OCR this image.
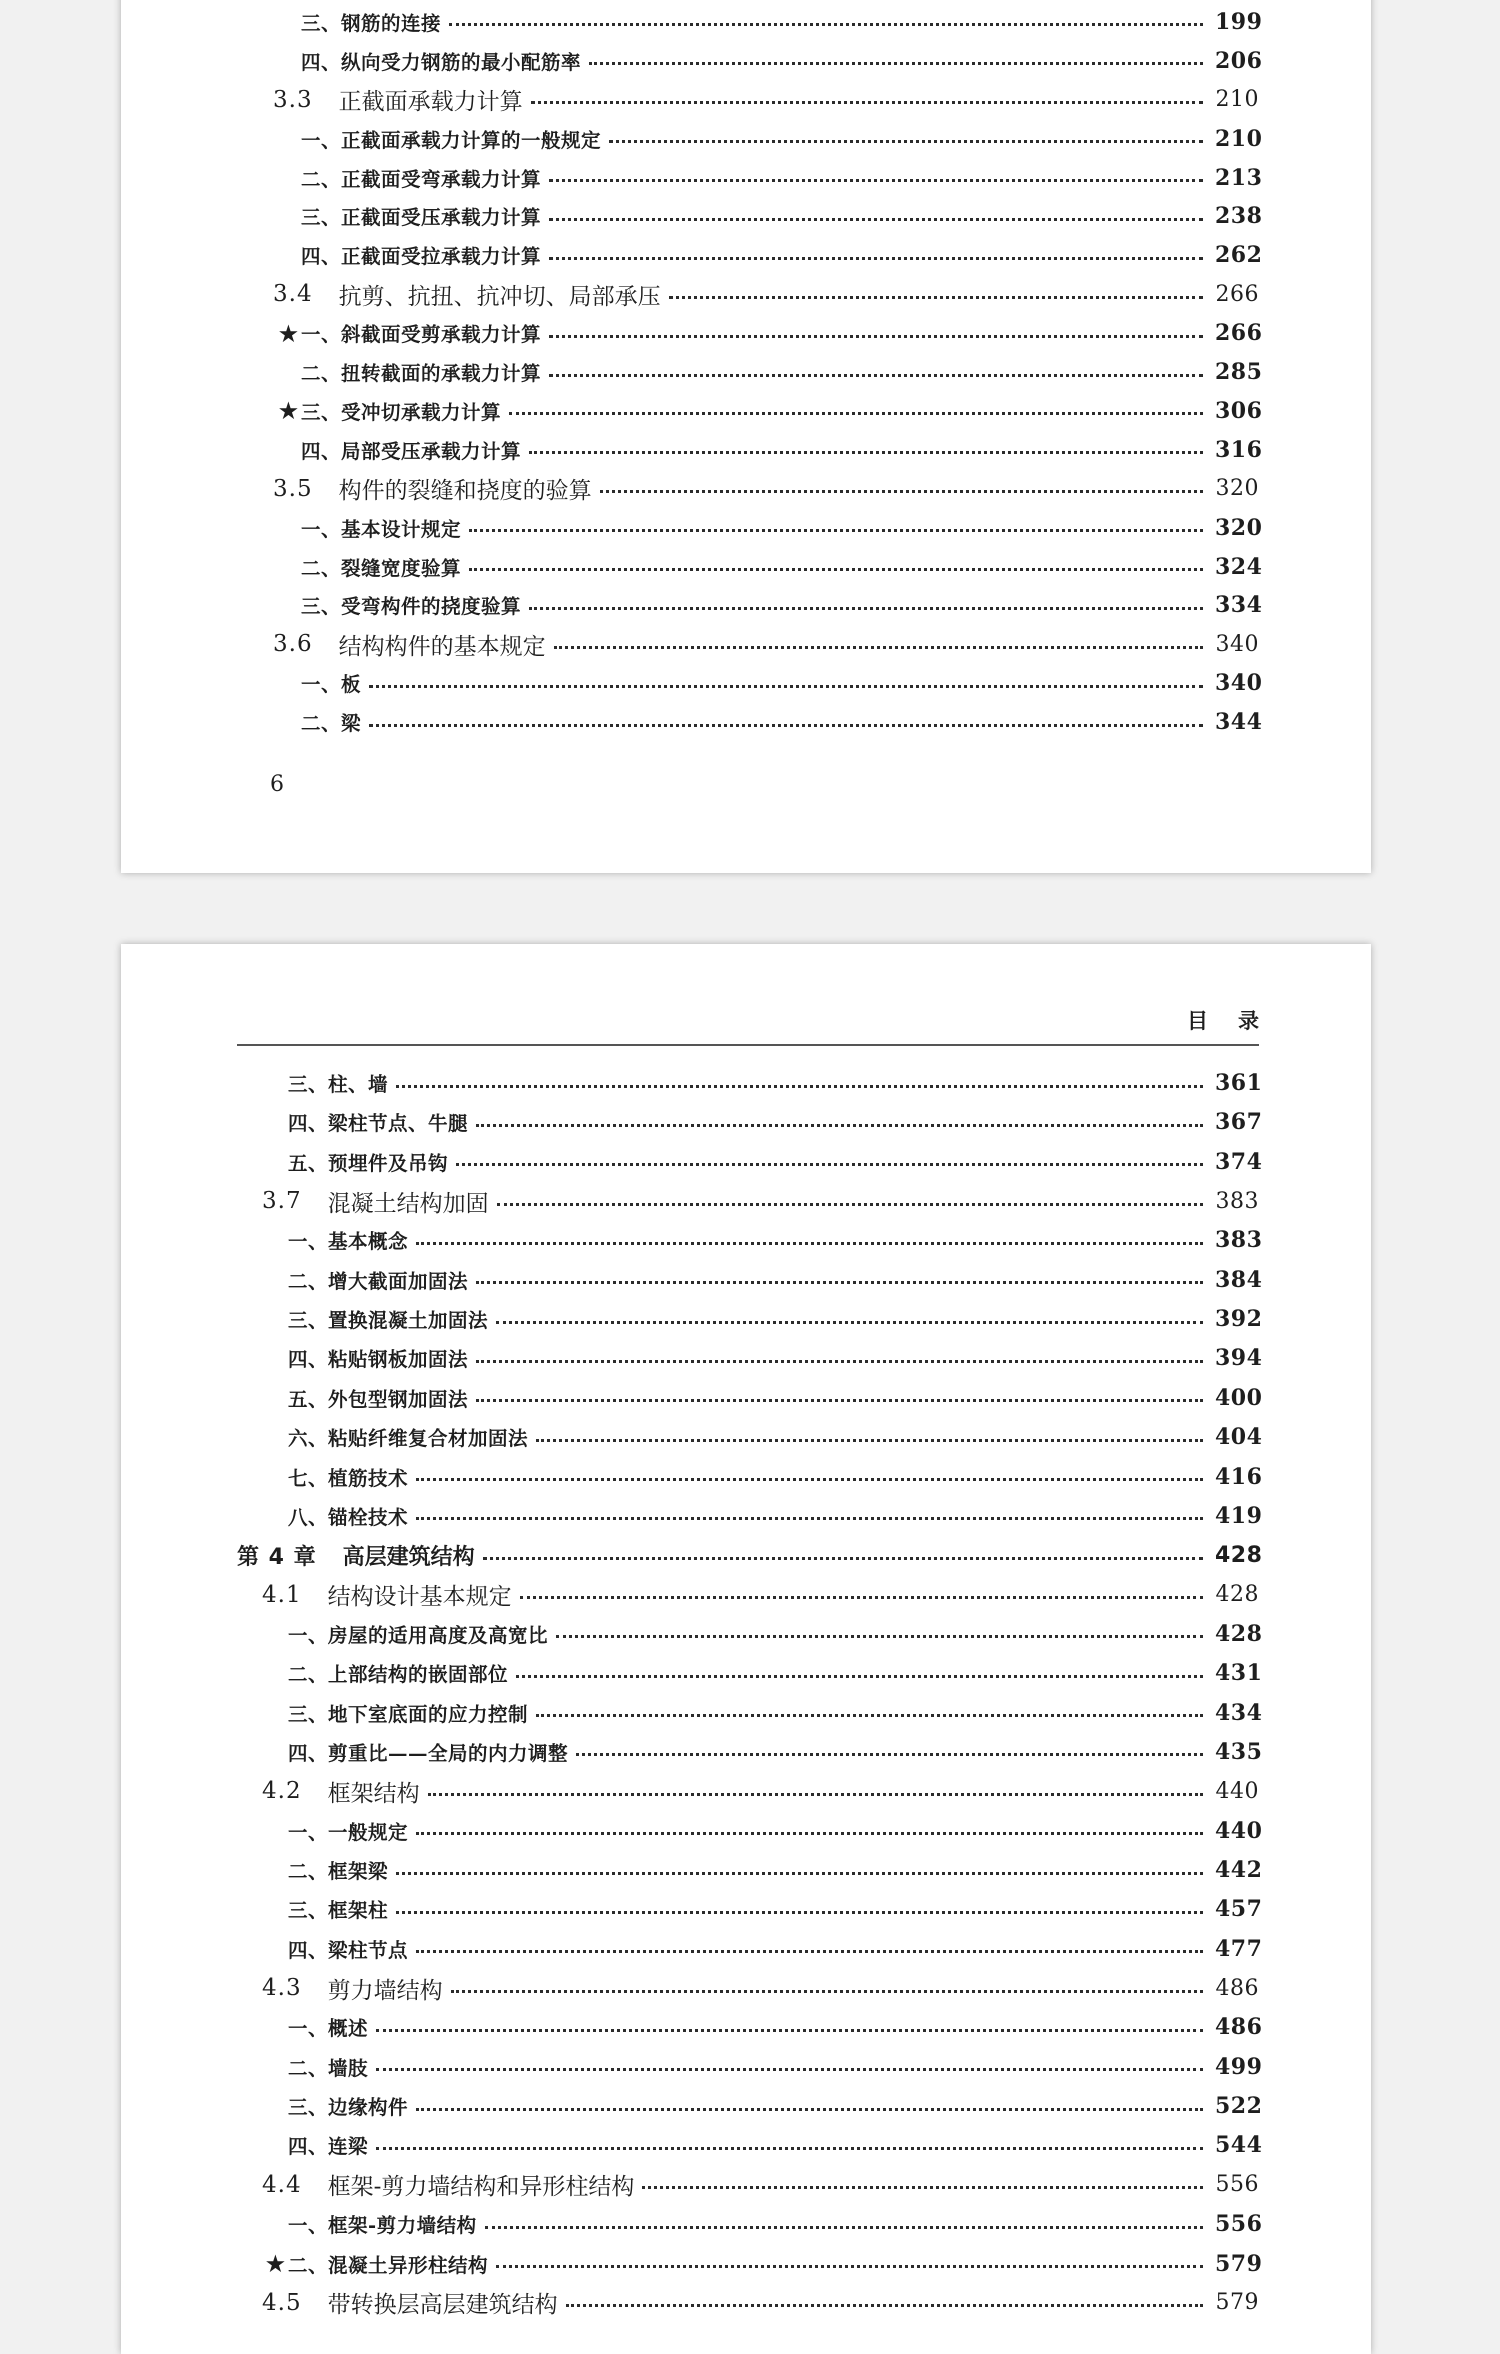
三、钢筋的连接	199
四、纵向受力钢筋的最小配筋率	206
3.3 正截面承载力计算	210
一、正截面承载力计算的一般规定	210
二、正截面受弯承载力计算	213
三、正截面受压承载力计算	238
四、正截面受拉承载力计算	262
3.4 抗剪、抗扭、抗冲切、局部承压	266
★ 一、斜截面受剪承载力计算	266
二、扭转截面的承载力计算	285
★ 三、受冲切承载力计算	306
四、局部受压承载力计算	316
3.5 构件的裂缝和挠度的验算	320
一、基本设计规定	320
二、裂缝宽度验算	324
三、受弯构件的挠度验算	334
3.6 结构构件的基本规定	340
一、板	340
二、梁	344
6
目录
三、柱、墙	361
四、梁柱节点、牛腿	367
五、预埋件及吊钩	374
3.7 混凝土结构加固	383
一、基本概念	383
二、增大截面加固法	384
三、置换混凝土加固法	392
四、粘贴钢板加固法	394
五、外包型钢加固法	400
六、粘贴纤维复合材加固法	404
七、植筋技术	416
八、锚栓技术	419
第 4 章 高层建筑结构	428
4.1 结构设计基本规定	428
一、房屋的适用高度及高宽比	428
二、上部结构的嵌固部位	431
三、地下室底面的应力控制	434
四、剪重比——全局的内力调整	435
4.2 框架结构	440
一、一般规定	440
二、框架梁	442
三、框架柱	457
四、梁柱节点	477
4.3 剪力墙结构	486
一、概述	486
二、墙肢	499
三、边缘构件	522
四、连梁	544
4.4 框架-剪力墙结构和异形柱结构	556
一、框架-剪力墙结构	556
★ 二、混凝土异形柱结构	579
4.5 带转换层高层建筑结构	579
